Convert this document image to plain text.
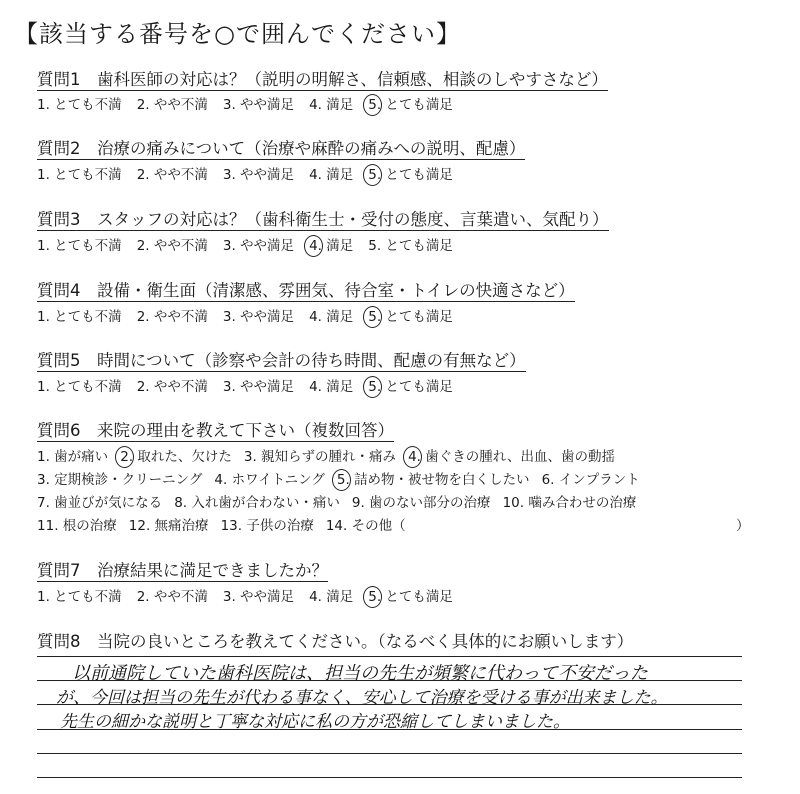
【該当する番号を○で囲んでください】
質問1　歯科医師の対応は？（説明の明解さ、信頼感、相談のしやすさなど）
1. とても不満 2. やや不満 3. やや満足 4. 満足 5. とても満足
質問2　治療の痛みについて（治療や麻酔の痛みへの説明、配慮）
1. とても不満 2. やや不満 3. やや満足 4. 満足 5. とても満足
質問3　スタッフの対応は？（歯科衛生士・受付の態度、言葉遣い、気配り）
1. とても不満 2. やや不満 3. やや満足 4. 満足 5. とても満足
質問4　設備・衛生面（清潔感、雰囲気、待合室・トイレの快適さなど）
1. とても不満 2. やや不満 3. やや満足 4. 満足 5. とても満足
質問5　時間について（診察や会計の待ち時間、配慮の有無など）
1. とても不満 2. やや不満 3. やや満足 4. 満足 5. とても満足
質問6　来院の理由を教えて下さい（複数回答）
1. 歯が痛い 2. 取れた、欠けた 3. 親知らずの腫れ・痛み 4. 歯ぐきの腫れ、出血、歯の動揺
3. 定期検診・クリーニング 4. ホワイトニング 5. 詰め物・被せ物を白くしたい 6. インプラント
7. 歯並びが気になる 8. 入れ歯が合わない・痛い 9. 歯のない部分の治療 10. 噛み合わせの治療
11. 根の治療 12. 無痛治療 13. 子供の治療 14. その他（	）
質問7　治療結果に満足できましたか？
1. とても不満 2. やや不満 3. やや満足 4. 満足 5. とても満足
質問8　当院の良いところを教えてください。（なるべく具体的にお願いします）
以前通院していた歯科医院は、担当の先生が頻繁に代わって不安だった
が、今回は担当の先生が代わる事なく、安心して治療を受ける事が出来ました。
先生の細かな説明と丁寧な対応に私の方が恐縮してしまいました。
